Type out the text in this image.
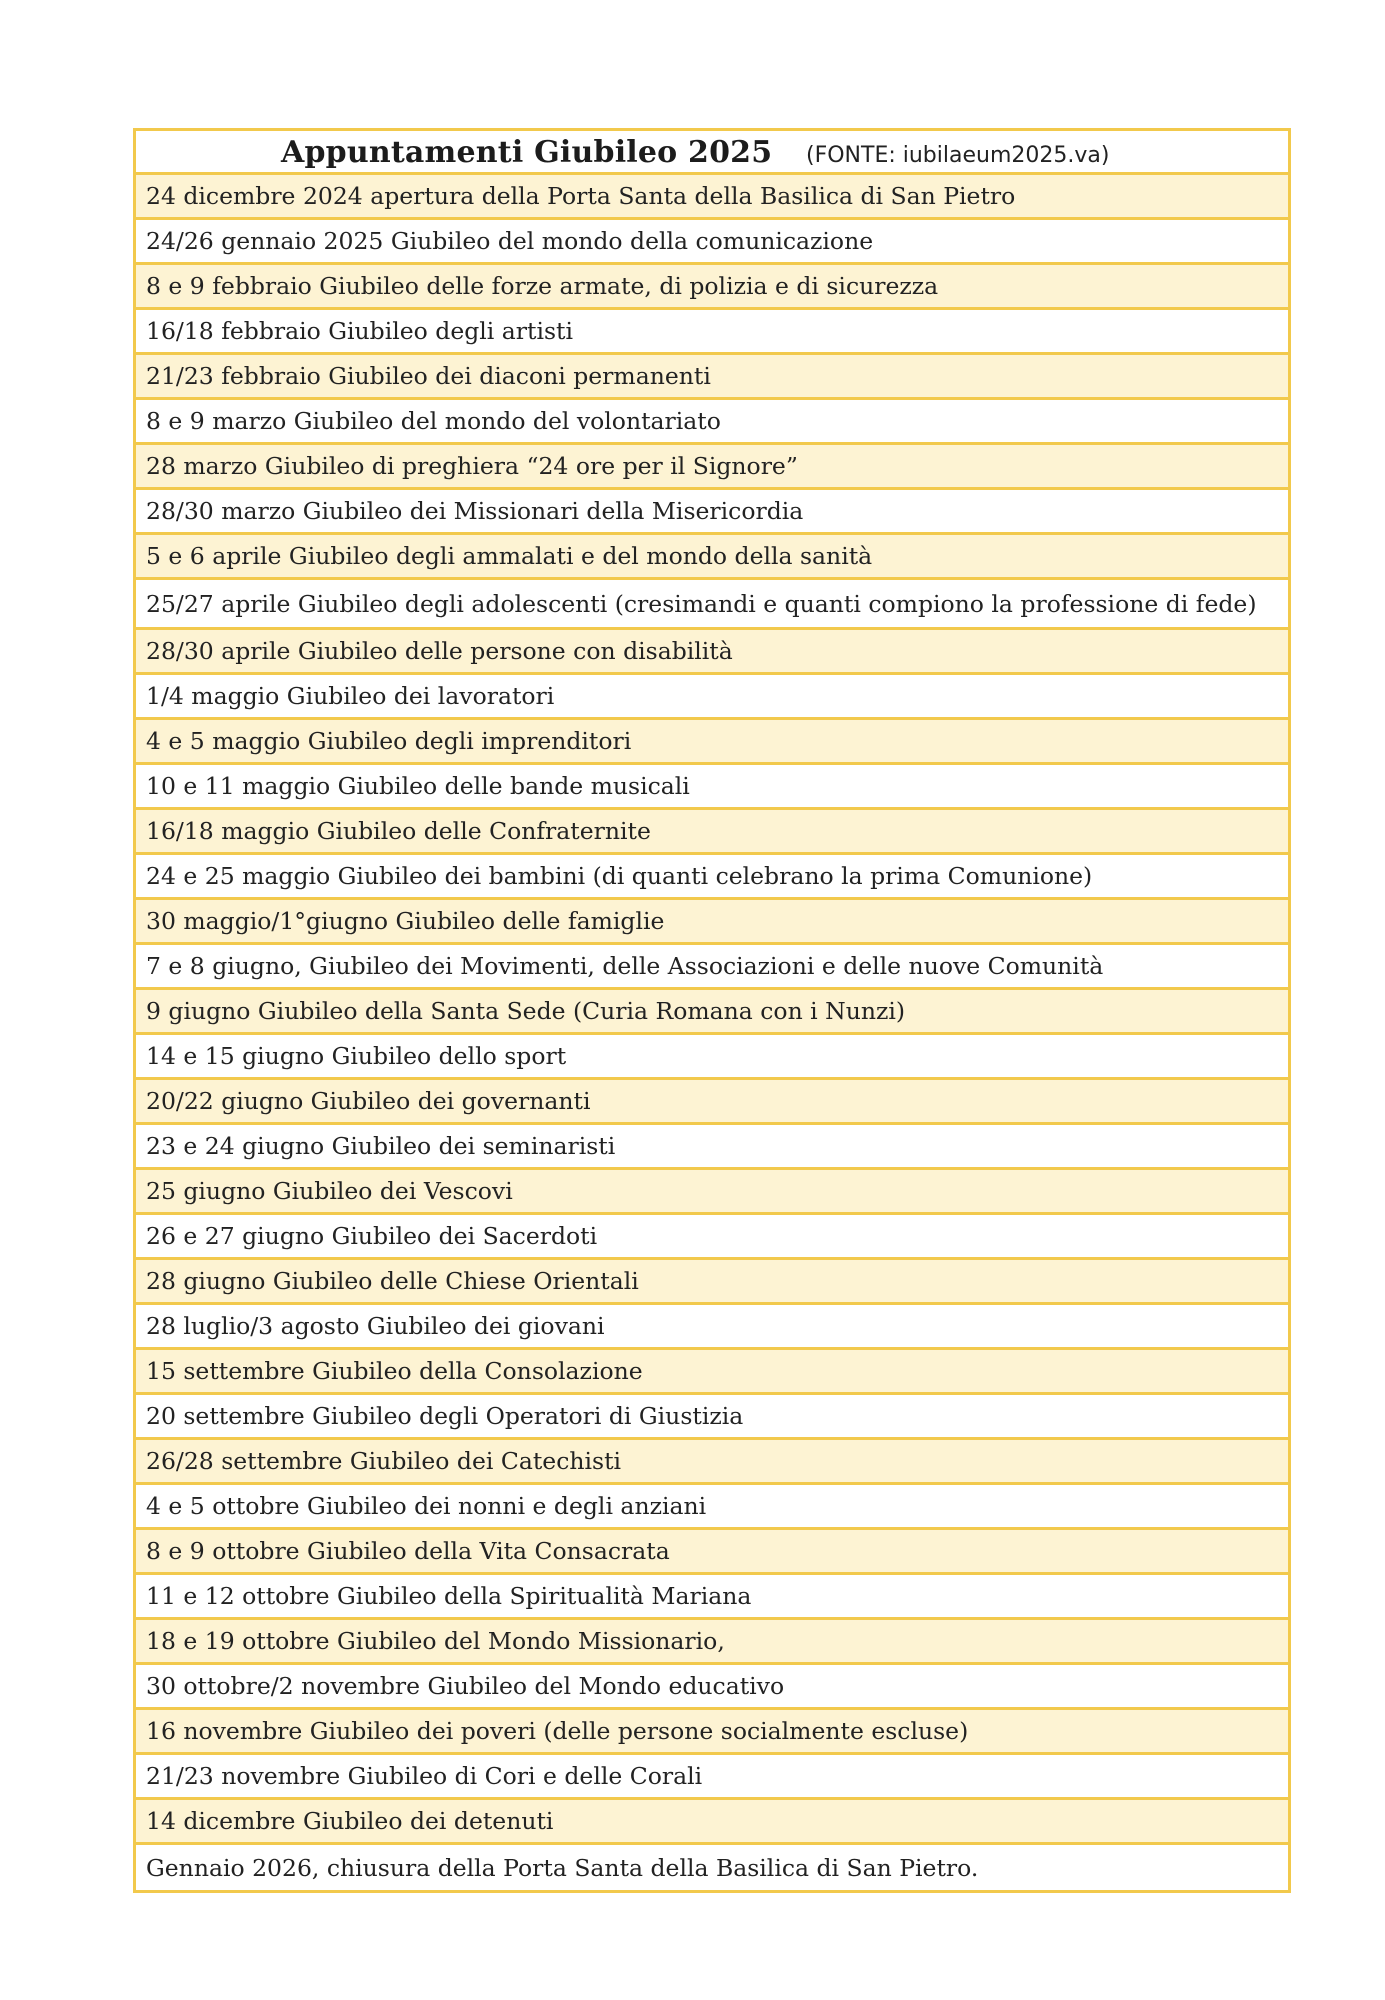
Appuntamenti Giubileo 2025 (FONTE: iubilaeum2025.va)
24 dicembre 2024 apertura della Porta Santa della Basilica di San Pietro
24/26 gennaio 2025 Giubileo del mondo della comunicazione
8 e 9 febbraio Giubileo delle forze armate, di polizia e di sicurezza
16/18 febbraio Giubileo degli artisti
21/23 febbraio Giubileo dei diaconi permanenti
8 e 9 marzo Giubileo del mondo del volontariato
28 marzo Giubileo di preghiera “24 ore per il Signore”
28/30 marzo Giubileo dei Missionari della Misericordia
5 e 6 aprile Giubileo degli ammalati e del mondo della sanità
25/27 aprile Giubileo degli adolescenti (cresimandi e quanti compiono la professione di fede)
28/30 aprile Giubileo delle persone con disabilità
1/4 maggio Giubileo dei lavoratori
4 e 5 maggio Giubileo degli imprenditori
10 e 11 maggio Giubileo delle bande musicali
16/18 maggio Giubileo delle Confraternite
24 e 25 maggio Giubileo dei bambini (di quanti celebrano la prima Comunione)
30 maggio/1°giugno Giubileo delle famiglie
7 e 8 giugno, Giubileo dei Movimenti, delle Associazioni e delle nuove Comunità
9 giugno Giubileo della Santa Sede (Curia Romana con i Nunzi)
14 e 15 giugno Giubileo dello sport
20/22 giugno Giubileo dei governanti
23 e 24 giugno Giubileo dei seminaristi
25 giugno Giubileo dei Vescovi
26 e 27 giugno Giubileo dei Sacerdoti
28 giugno Giubileo delle Chiese Orientali
28 luglio/3 agosto Giubileo dei giovani
15 settembre Giubileo della Consolazione
20 settembre Giubileo degli Operatori di Giustizia
26/28 settembre Giubileo dei Catechisti
4 e 5 ottobre Giubileo dei nonni e degli anziani
8 e 9 ottobre Giubileo della Vita Consacrata
11 e 12 ottobre Giubileo della Spiritualità Mariana
18 e 19 ottobre Giubileo del Mondo Missionario,
30 ottobre/2 novembre Giubileo del Mondo educativo
16 novembre Giubileo dei poveri (delle persone socialmente escluse)
21/23 novembre Giubileo di Cori e delle Corali
14 dicembre Giubileo dei detenuti
Gennaio 2026, chiusura della Porta Santa della Basilica di San Pietro.
